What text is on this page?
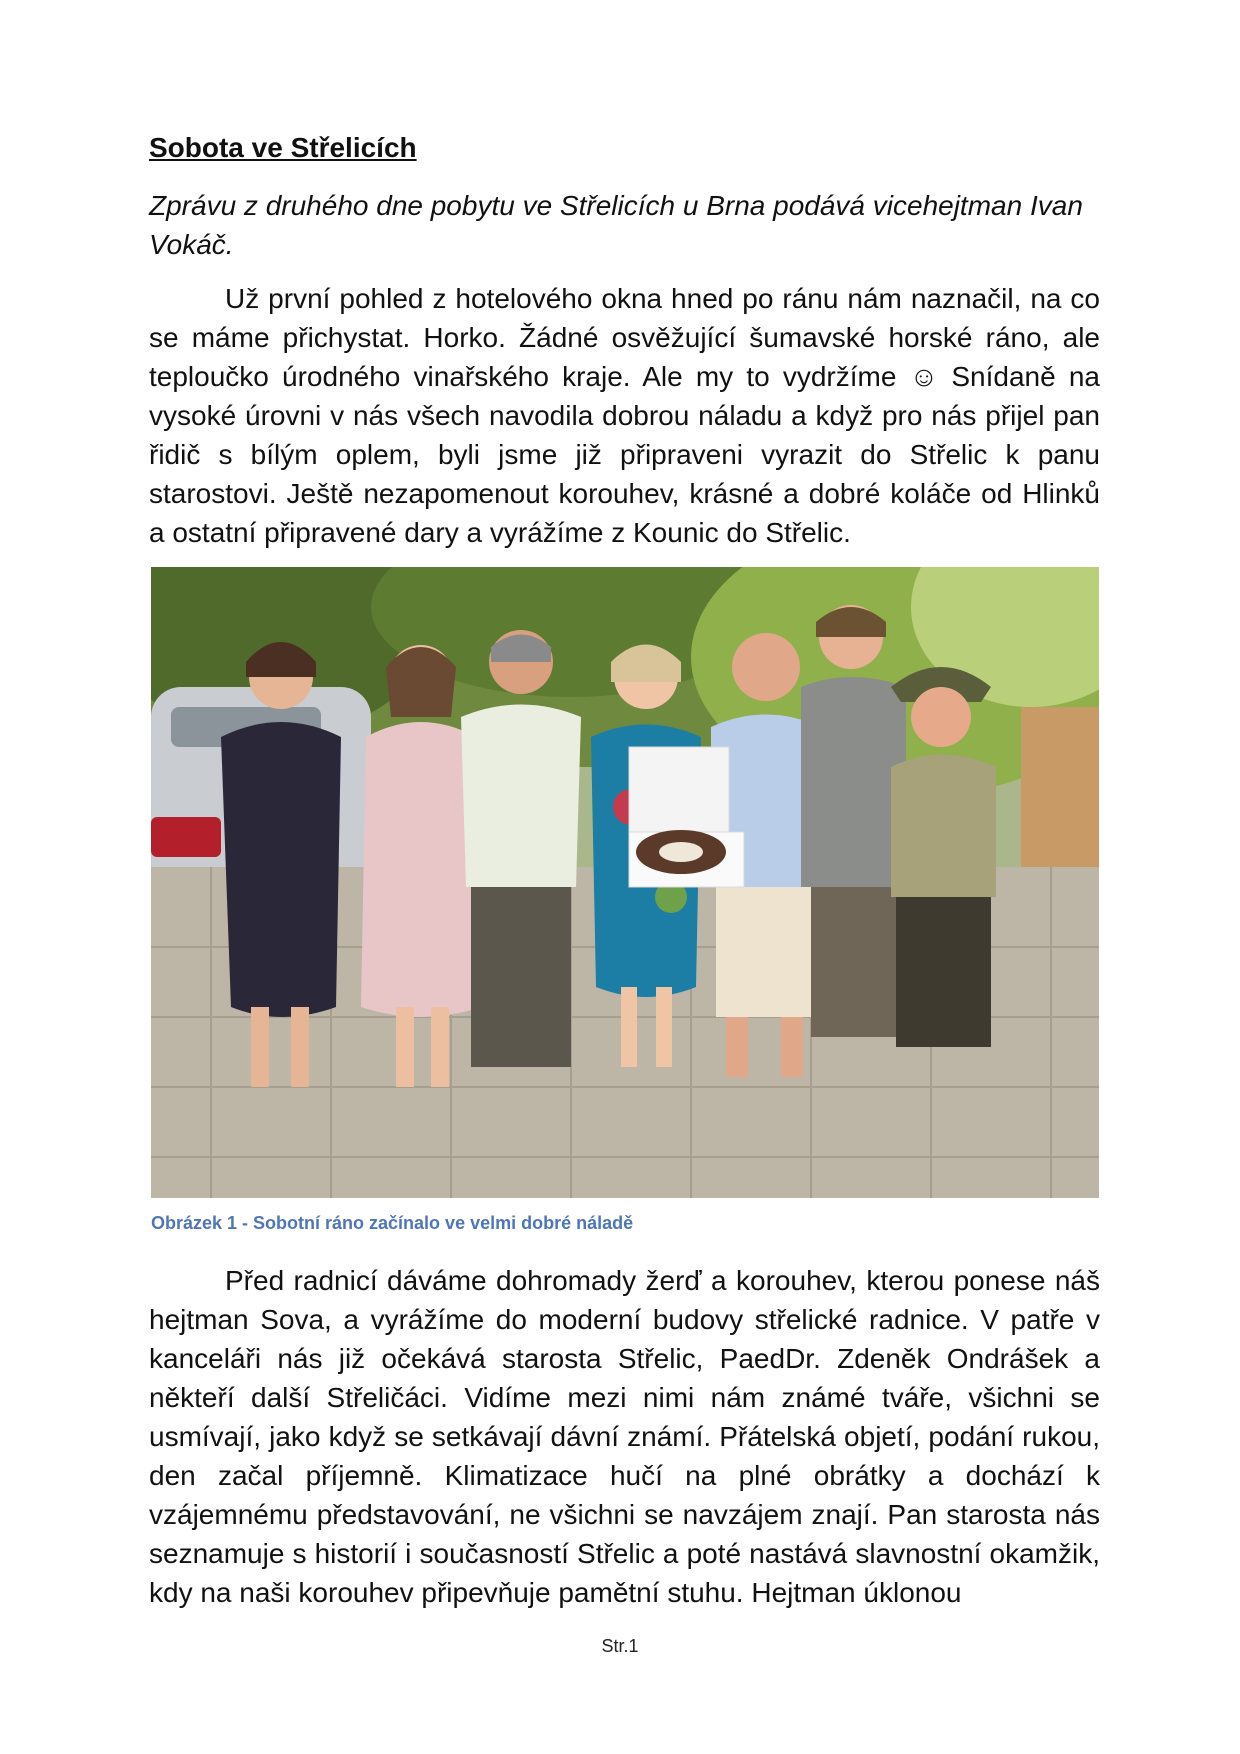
Sobota ve Střelicích
Zprávu z druhého dne pobytu ve Střelicích u Brna podává vicehejtman Ivan Vokáč.

Už první pohled z hotelového okna hned po ránu nám naznačil, na co se máme přichystat. Horko. Žádné osvěžující šumavské horské ráno, ale teploučko úrodného vinařského kraje. Ale my to vydržíme ☺ Snídaně na vysoké úrovni v nás všech navodila dobrou náladu a když pro nás přijel pan řidič s bílým oplem, byli jsme již připraveni vyrazit do Střelic k panu starostovi. Ještě nezapomenout korouhev, krásné a dobré koláče od Hlinků a ostatní připravené dary a vyrážíme z Kounic do Střelic.

Obrázek 1 - Sobotní ráno začínalo ve velmi dobré náladě

Před radnicí dáváme dohromady žerď a korouhev, kterou ponese náš hejtman Sova, a vyrážíme do moderní budovy střelické radnice. V patře v kanceláři nás již očekává starosta Střelic, PaedDr. Zdeněk Ondrášek a někteří další Střeličáci. Vidíme mezi nimi nám známé tváře, všichni se usmívají, jako když se setkávají dávní známí. Přátelská objetí, podání rukou, den začal příjemně. Klimatizace hučí na plné obrátky a dochází k vzájemnému představování, ne všichni se navzájem znají. Pan starosta nás seznamuje s historií i současností Střelic a poté nastává slavnostní okamžik, kdy na naši korouhev připevňuje pamětní stuhu. Hejtman úklonou

Str.1
